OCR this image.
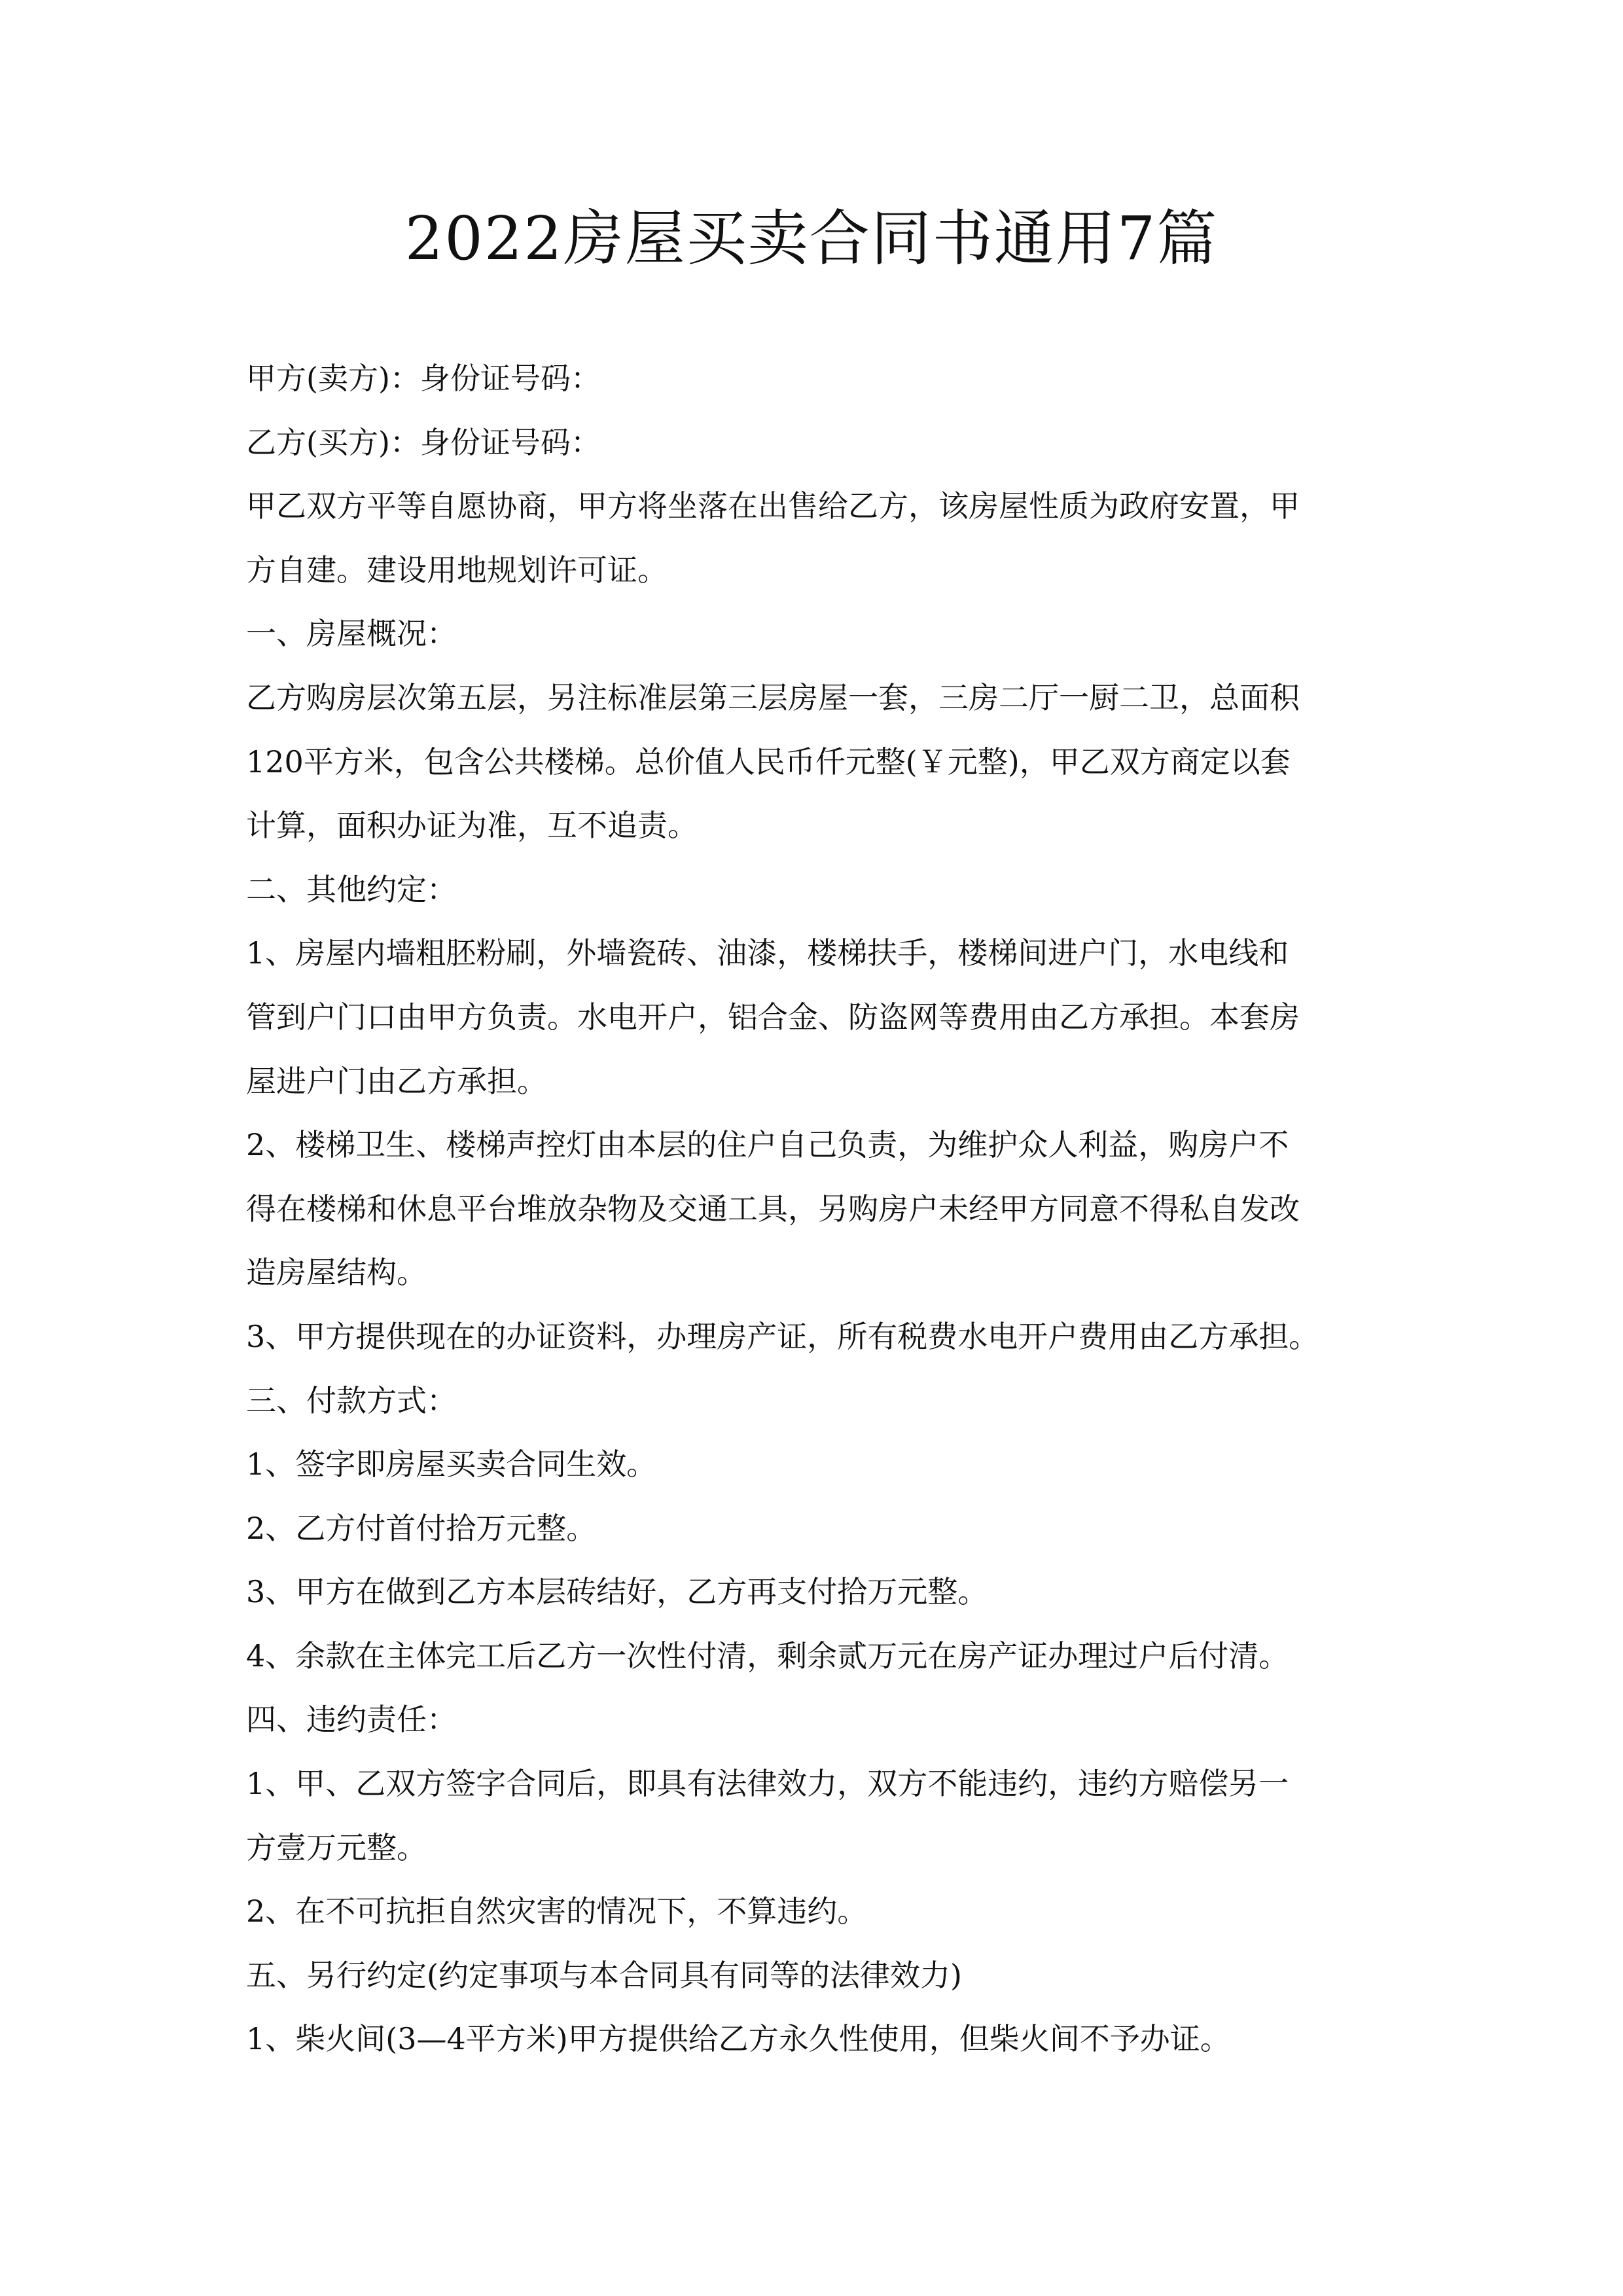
2022房屋买卖合同书通用7篇

甲方(卖方)：身份证号码：

乙方(买方)：身份证号码：

甲乙双方平等自愿协商，甲方将坐落在出售给乙方，该房屋性质为政府安置，甲
方自建。建设用地规划许可证。

一、房屋概况：

乙方购房层次第五层，另注标准层第三层房屋一套，三房二厅一厨二卫，总面积
120平方米，包含公共楼梯。总价值人民币仟元整(￥元整)，甲乙双方商定以套
计算，面积办证为准，互不追责。

二、其他约定：

1、房屋内墙粗胚粉刷，外墙瓷砖、油漆，楼梯扶手，楼梯间进户门，水电线和
管到户门口由甲方负责。水电开户，铝合金、防盗网等费用由乙方承担。本套房
屋进户门由乙方承担。

2、楼梯卫生、楼梯声控灯由本层的住户自己负责，为维护众人利益，购房户不
得在楼梯和休息平台堆放杂物及交通工具，另购房户未经甲方同意不得私自发改
造房屋结构。

3、甲方提供现在的办证资料，办理房产证，所有税费水电开户费用由乙方承担。

三、付款方式：

1、签字即房屋买卖合同生效。

2、乙方付首付拾万元整。

3、甲方在做到乙方本层砖结好，乙方再支付拾万元整。

4、余款在主体完工后乙方一次性付清，剩余贰万元在房产证办理过户后付清。

四、违约责任：

1、甲、乙双方签字合同后，即具有法律效力，双方不能违约，违约方赔偿另一
方壹万元整。

2、在不可抗拒自然灾害的情况下，不算违约。

五、另行约定(约定事项与本合同具有同等的法律效力)

1、柴火间(3—4平方米)甲方提供给乙方永久性使用，但柴火间不予办证。
